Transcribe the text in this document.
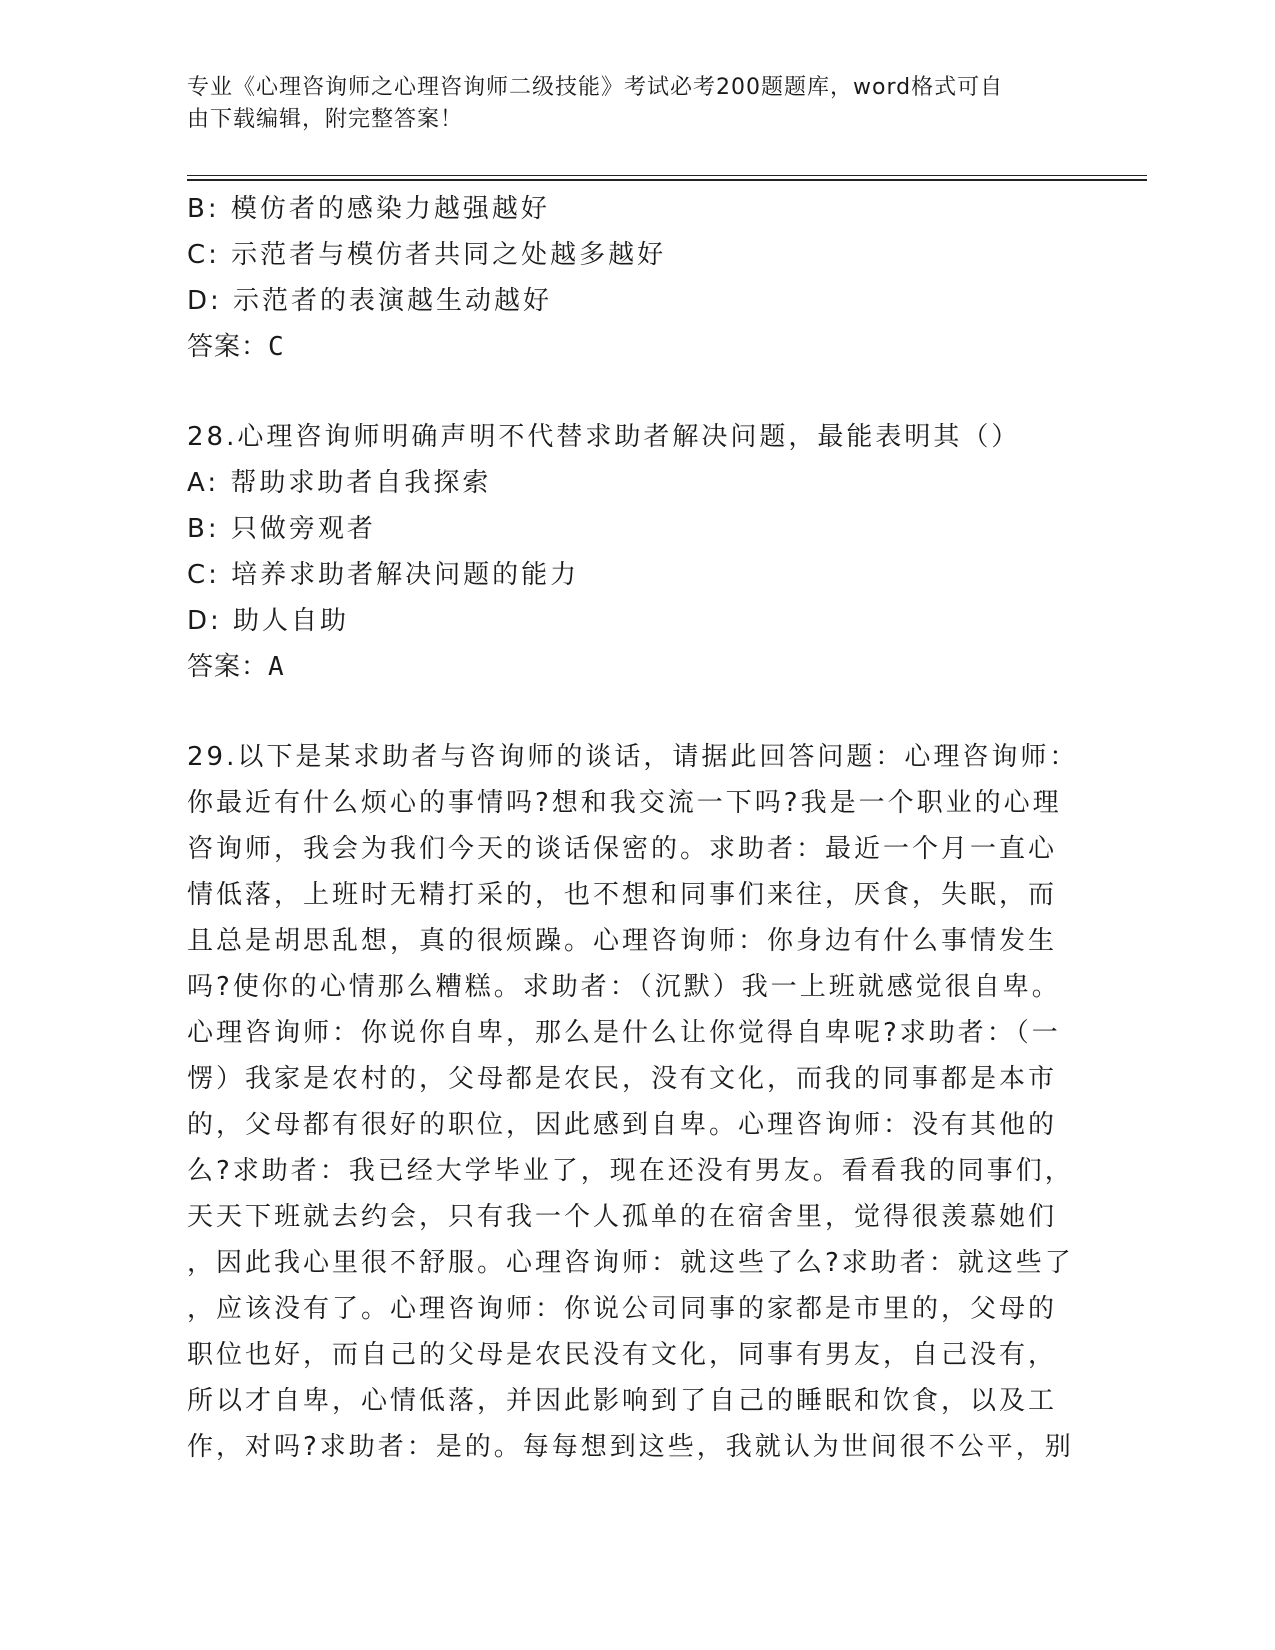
专业《心理咨询师之心理咨询师二级技能》考试必考200题题库，word格式可自
由下载编辑，附完整答案！

B: 模仿者的感染力越强越好

C: 示范者与模仿者共同之处越多越好

D: 示范者的表演越生动越好

答案：C

28.心理咨询师明确声明不代替求助者解决问题，最能表明其（）

A: 帮助求助者自我探索

B: 只做旁观者

C: 培养求助者解决问题的能力

D: 助人自助

答案：A

29.以下是某求助者与咨询师的谈话，请据此回答问题：心理咨询师：

你最近有什么烦心的事情吗?想和我交流一下吗?我是一个职业的心理

咨询师，我会为我们今天的谈话保密的。求助者：最近一个月一直心

情低落，上班时无精打采的，也不想和同事们来往，厌食，失眠，而

且总是胡思乱想，真的很烦躁。心理咨询师：你身边有什么事情发生

吗?使你的心情那么糟糕。求助者：（沉默）我一上班就感觉很自卑。

心理咨询师：你说你自卑，那么是什么让你觉得自卑呢?求助者：（一

愣）我家是农村的，父母都是农民，没有文化，而我的同事都是本市

的，父母都有很好的职位，因此感到自卑。心理咨询师：没有其他的

么?求助者：我已经大学毕业了，现在还没有男友。看看我的同事们，

天天下班就去约会，只有我一个人孤单的在宿舍里，觉得很羡慕她们

，因此我心里很不舒服。心理咨询师：就这些了么?求助者：就这些了

，应该没有了。心理咨询师：你说公司同事的家都是市里的，父母的

职位也好，而自己的父母是农民没有文化，同事有男友，自己没有，

所以才自卑，心情低落，并因此影响到了自己的睡眠和饮食，以及工

作，对吗?求助者：是的。每每想到这些，我就认为世间很不公平，别
